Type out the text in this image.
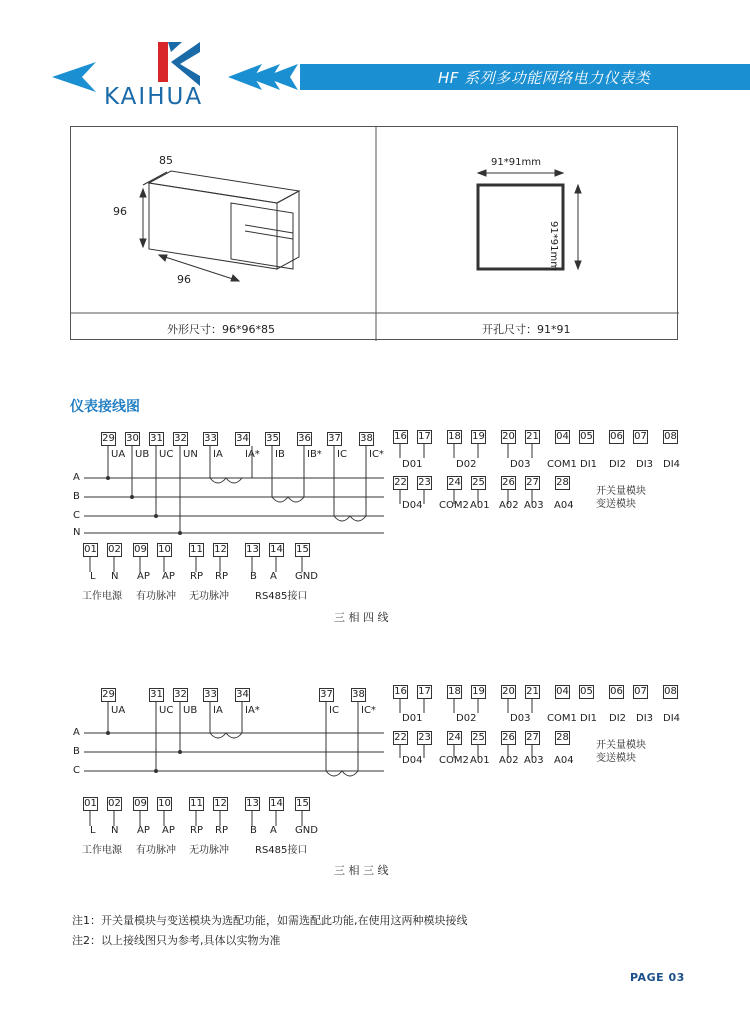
HF 系列多功能网络电力仪表类
KAIHUA
85
96
96
外形尺寸：96*96*85
91*91mm
91*91mm
开孔尺寸：91*91
仪表接线图
29
UA
30
UB
31
UC
32
UN
33
IA
34
IA*
35
IB
36
IB*
37
IC
38
IC*
29
UA
31
UC
32
UB
33
IA
34
IA*
37
IC
38
IC*
01
L
02
N
09
AP
10
AP
11
RP
12
RP
13
B
14
A
15
GND
工作电源 有功脉冲 无功脉冲	RS485接口
01
L
02
N
09
AP
10
AP
11
RP
12
RP
13
B
14
A
15
GND
工作电源 有功脉冲 无功脉冲	RS485接口
16 17 18 19 20 21 04 05 06 07 08
D01	D02	D03 COM1 DI1 DI2 DI3 DI4
22 23 24 25 26 27 28
D04 COM2 A01 A02 A03 A04
16 17 18 19 20 21 04 05 06 07 08
D01	D02	D03 COM1 DI1 DI2 DI3 DI4
22 23 24 25 26 27 28
D04 COM2 A01 A02 A03 A04
A
B
C
N
A
B
C
开关量模块
变送模块
开关量模块
变送模块
三 相 四 线
三 相 三 线
注1：开关量模块与变送模块为选配功能，如需选配此功能,在使用这两种模块接线
注2：以上接线图只为参考,具体以实物为准
PAGE 03
